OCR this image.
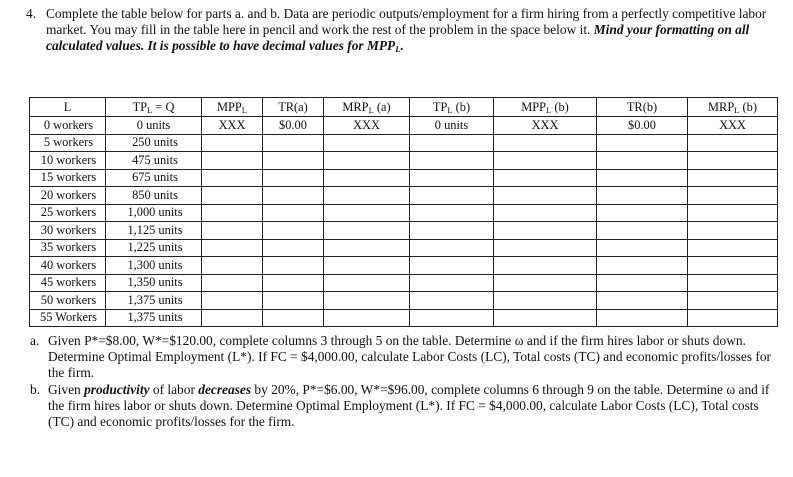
4. Complete the table below for parts a. and b. Data are periodic outputs/employment for a firm hiring from a perfectly competitive labor market. You may fill in the table here in pencil and work the rest of the problem in the space below it. Mind your formatting on all calculated values. It is possible to have decimal values for $MPP_L$.
L	$TP_L = Q$	$MPP_L$	TR(a)	$MRP_L$ (a)	$TP_L$ (b)	$MPP_L$ (b)	TR(b)	$MRP_L$ (b)
0 workers	0 units	XXX	$0.00	XXX	0 units	XXX	$0.00	XXX
5 workers	250 units							
10 workers	475 units							
15 workers	675 units							
20 workers	850 units							
25 workers	1,000 units							
30 workers	1,125 units							
35 workers	1,225 units							
40 workers	1,300 units							
45 workers	1,350 units							
50 workers	1,375 units							
55 Workers	1,375 units							
a. Given P*=$8.00, W*=$120.00, complete columns 3 through 5 on the table. Determine ω and if the firm hires labor or shuts down. Determine Optimal Employment (L*). If FC = $4,000.00, calculate Labor Costs (LC), Total costs (TC) and economic profits/losses for the firm.
b. Given productivity of labor decreases by 20%, P*=$6.00, W*=$96.00, complete columns 6 through 9 on the table. Determine ω and if the firm hires labor or shuts down. Determine Optimal Employment (L*). If FC = $4,000.00, calculate Labor Costs (LC), Total costs (TC) and economic profits/losses for the firm.
